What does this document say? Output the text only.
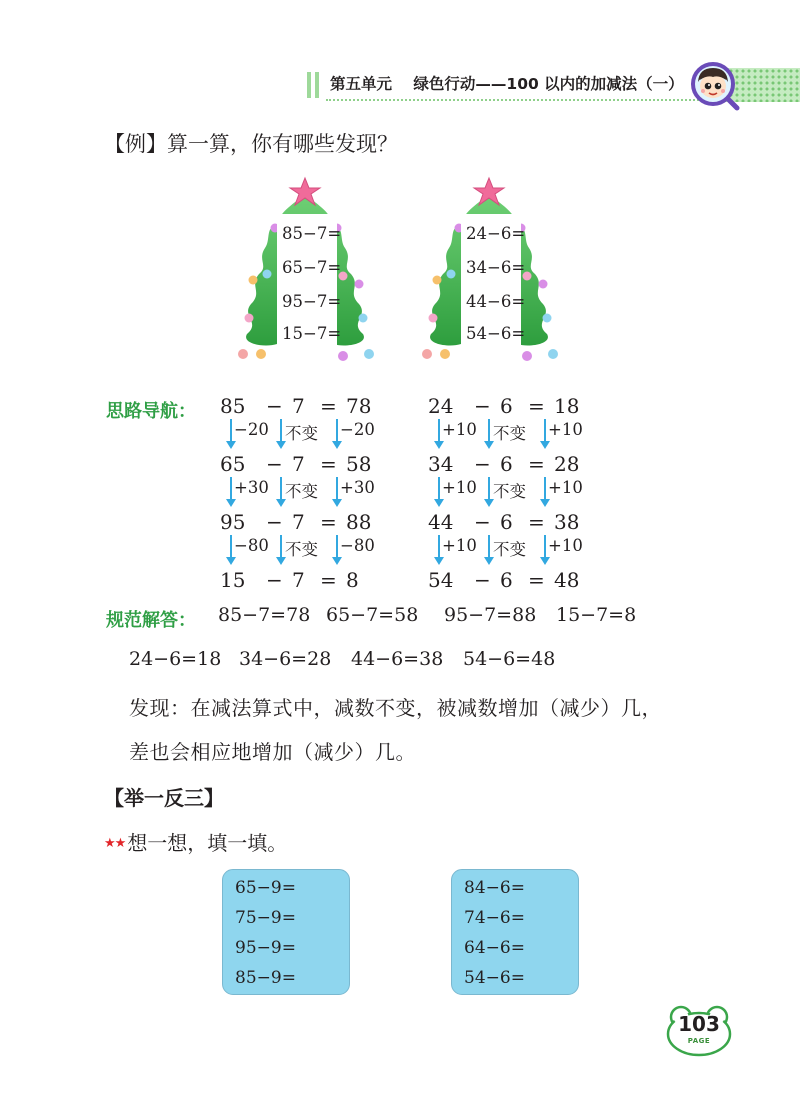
第五单元 绿色行动——100 以内的加减法（一）
【例】算一算，你有哪些发现？
85−7=
65−7=
95−7=
15−7=
24−6=
34−6=
44−6=
54−6=
思路导航： 85 − 7 = 78
65 − 7 = 58
95 − 7 = 88
15 − 7 = 8
−20 不变 −20
+30 不变 +30
−80 不变 −80
24 − 6 = 18
34 − 6 = 28
44 − 6 = 38
54 − 6 = 48
+10 不变 +10
+10 不变 +10
+10 不变 +10
规范解答： 85−7=78 65−7=58 95−7=88 15−7=8
24−6=18 34−6=28 44−6=38 54−6=48
发现：在减法算式中，减数不变，被减数增加（减少）几，
差也会相应地增加（减少）几。
【举一反三】
★★ 想一想，填一填。
65−9=
75−9=
95−9=
85−9=
84−6=
74−6=
64−6=
54−6=
103
PAGE
